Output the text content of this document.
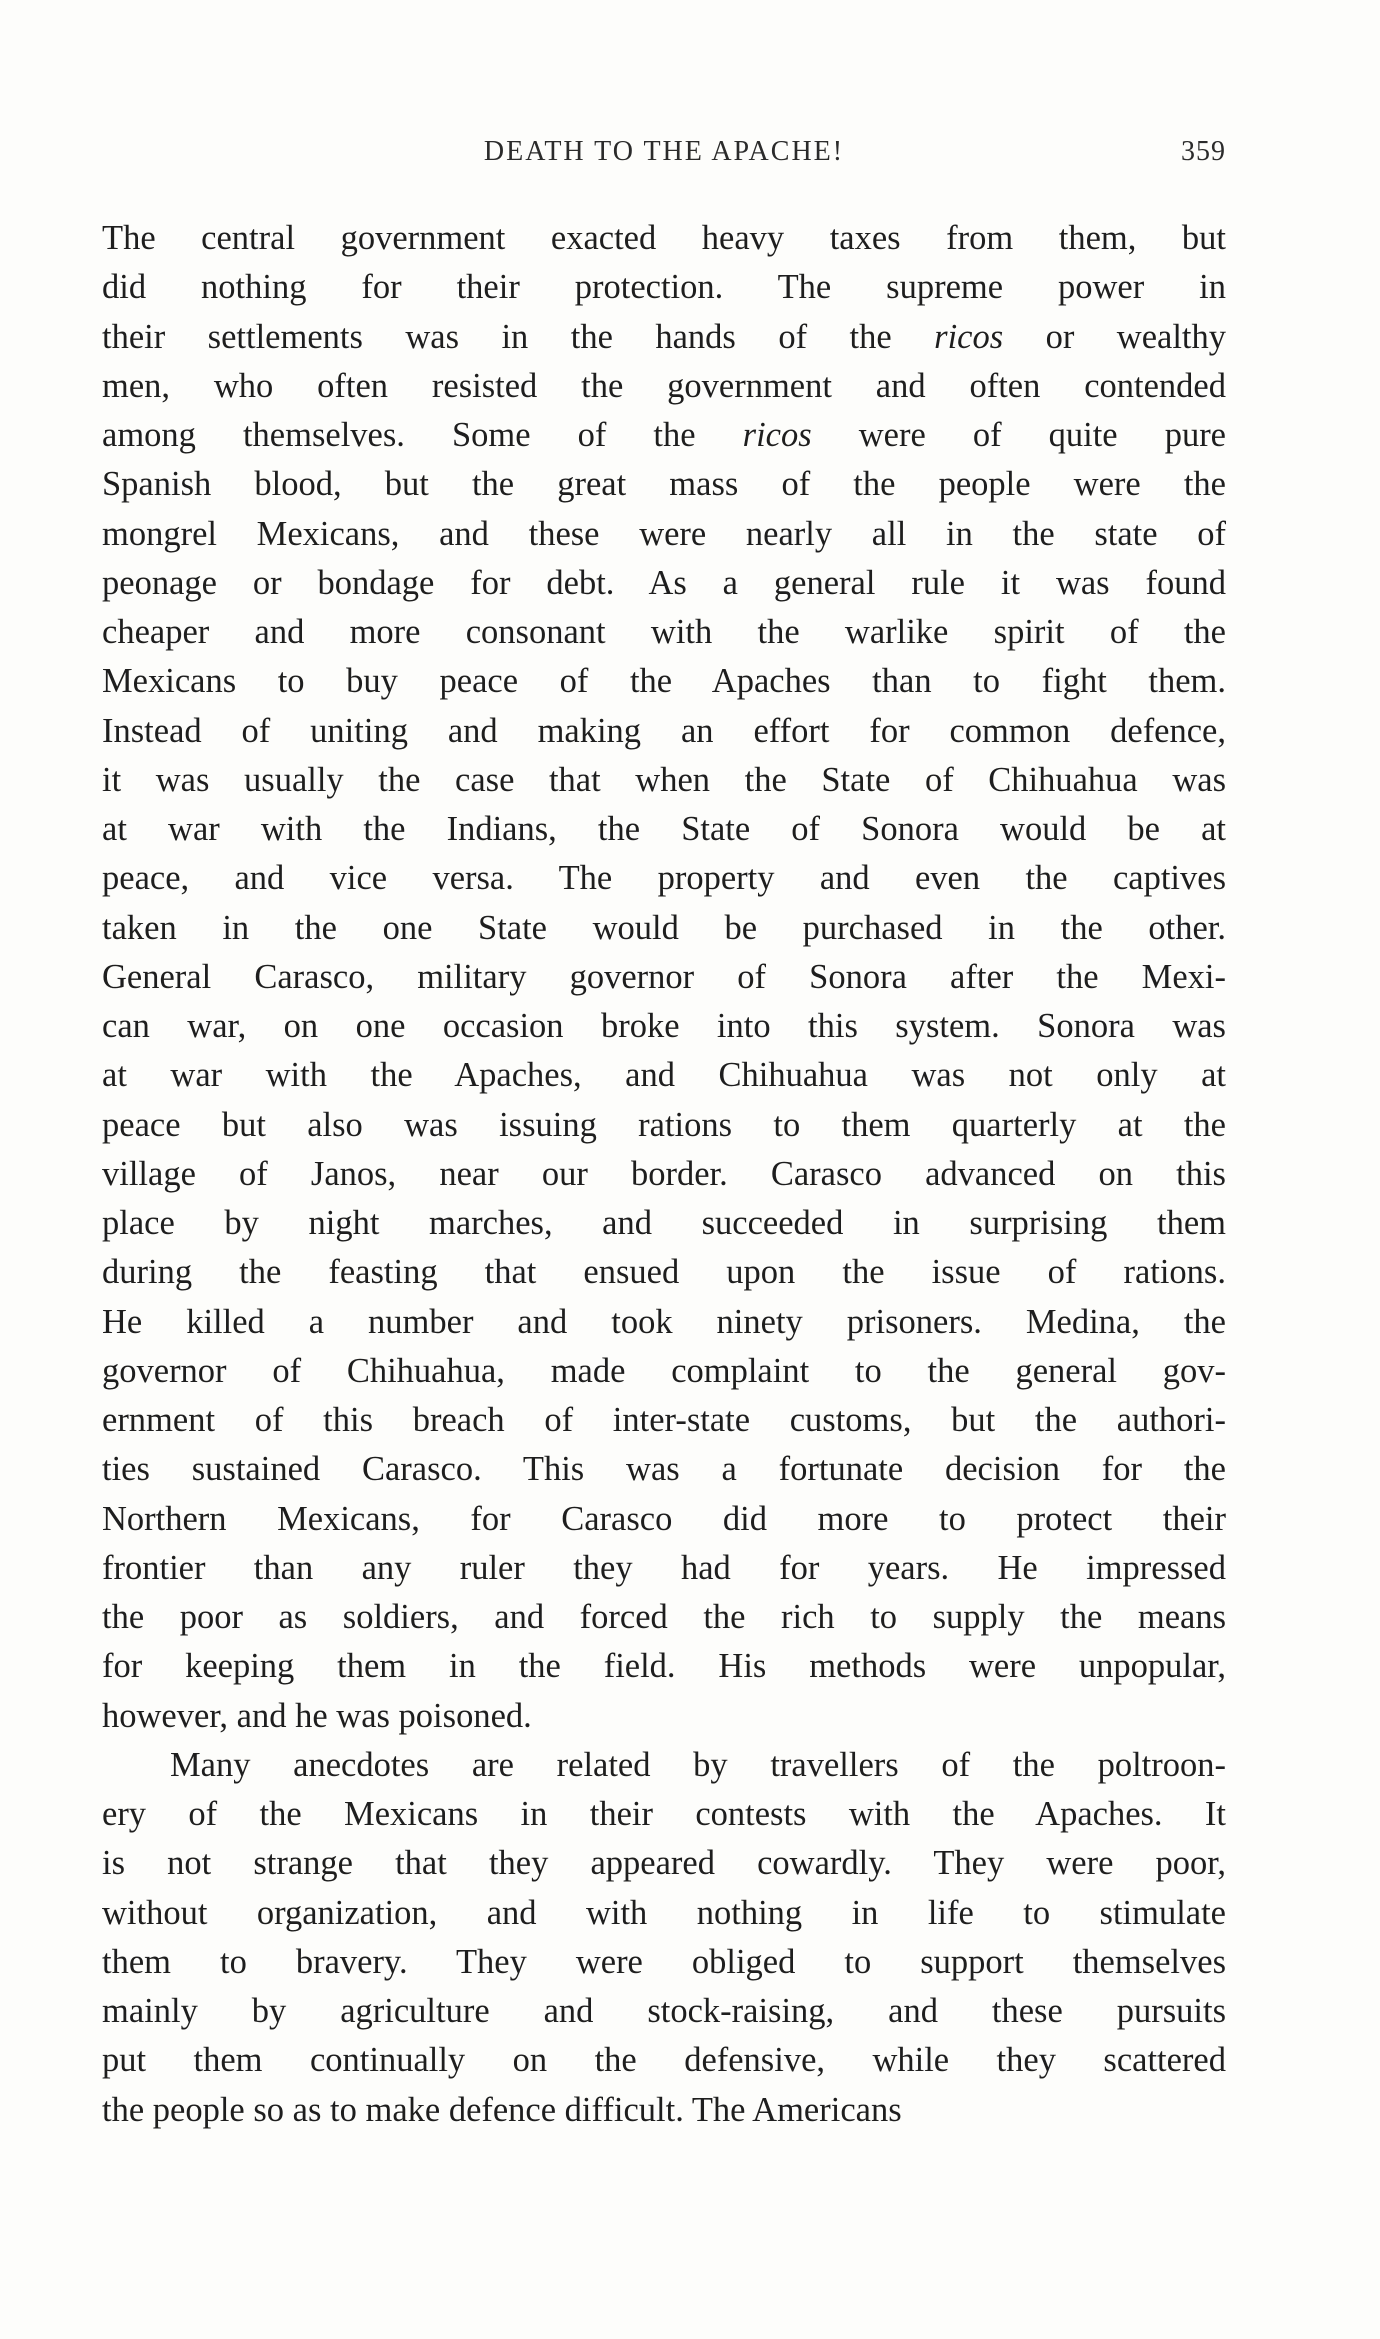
DEATH TO THE APACHE!	359
The central government exacted heavy taxes from them, but
did nothing for their protection. The supreme power in
their settlements was in the hands of the ricos or wealthy
men, who often resisted the government and often contended
among themselves. Some of the ricos were of quite pure
Spanish blood, but the great mass of the people were the
mongrel Mexicans, and these were nearly all in the state of
peonage or bondage for debt. As a general rule it was found
cheaper and more consonant with the warlike spirit of the
Mexicans to buy peace of the Apaches than to fight them.
Instead of uniting and making an effort for common defence,
it was usually the case that when the State of Chihuahua was
at war with the Indians, the State of Sonora would be at
peace, and vice versa. The property and even the captives
taken in the one State would be purchased in the other.
General Carasco, military governor of Sonora after the Mexi-
can war, on one occasion broke into this system. Sonora was
at war with the Apaches, and Chihuahua was not only at
peace but also was issuing rations to them quarterly at the
village of Janos, near our border. Carasco advanced on this
place by night marches, and succeeded in surprising them
during the feasting that ensued upon the issue of rations.
He killed a number and took ninety prisoners. Medina, the
governor of Chihuahua, made complaint to the general gov-
ernment of this breach of inter-state customs, but the authori-
ties sustained Carasco. This was a fortunate decision for the
Northern Mexicans, for Carasco did more to protect their
frontier than any ruler they had for years. He impressed
the poor as soldiers, and forced the rich to supply the means
for keeping them in the field. His methods were unpopular,
however, and he was poisoned.
Many anecdotes are related by travellers of the poltroon-
ery of the Mexicans in their contests with the Apaches. It
is not strange that they appeared cowardly. They were poor,
without organization, and with nothing in life to stimulate
them to bravery. They were obliged to support themselves
mainly by agriculture and stock-raising, and these pursuits
put them continually on the defensive, while they scattered
the people so as to make defence difficult. The Americans
